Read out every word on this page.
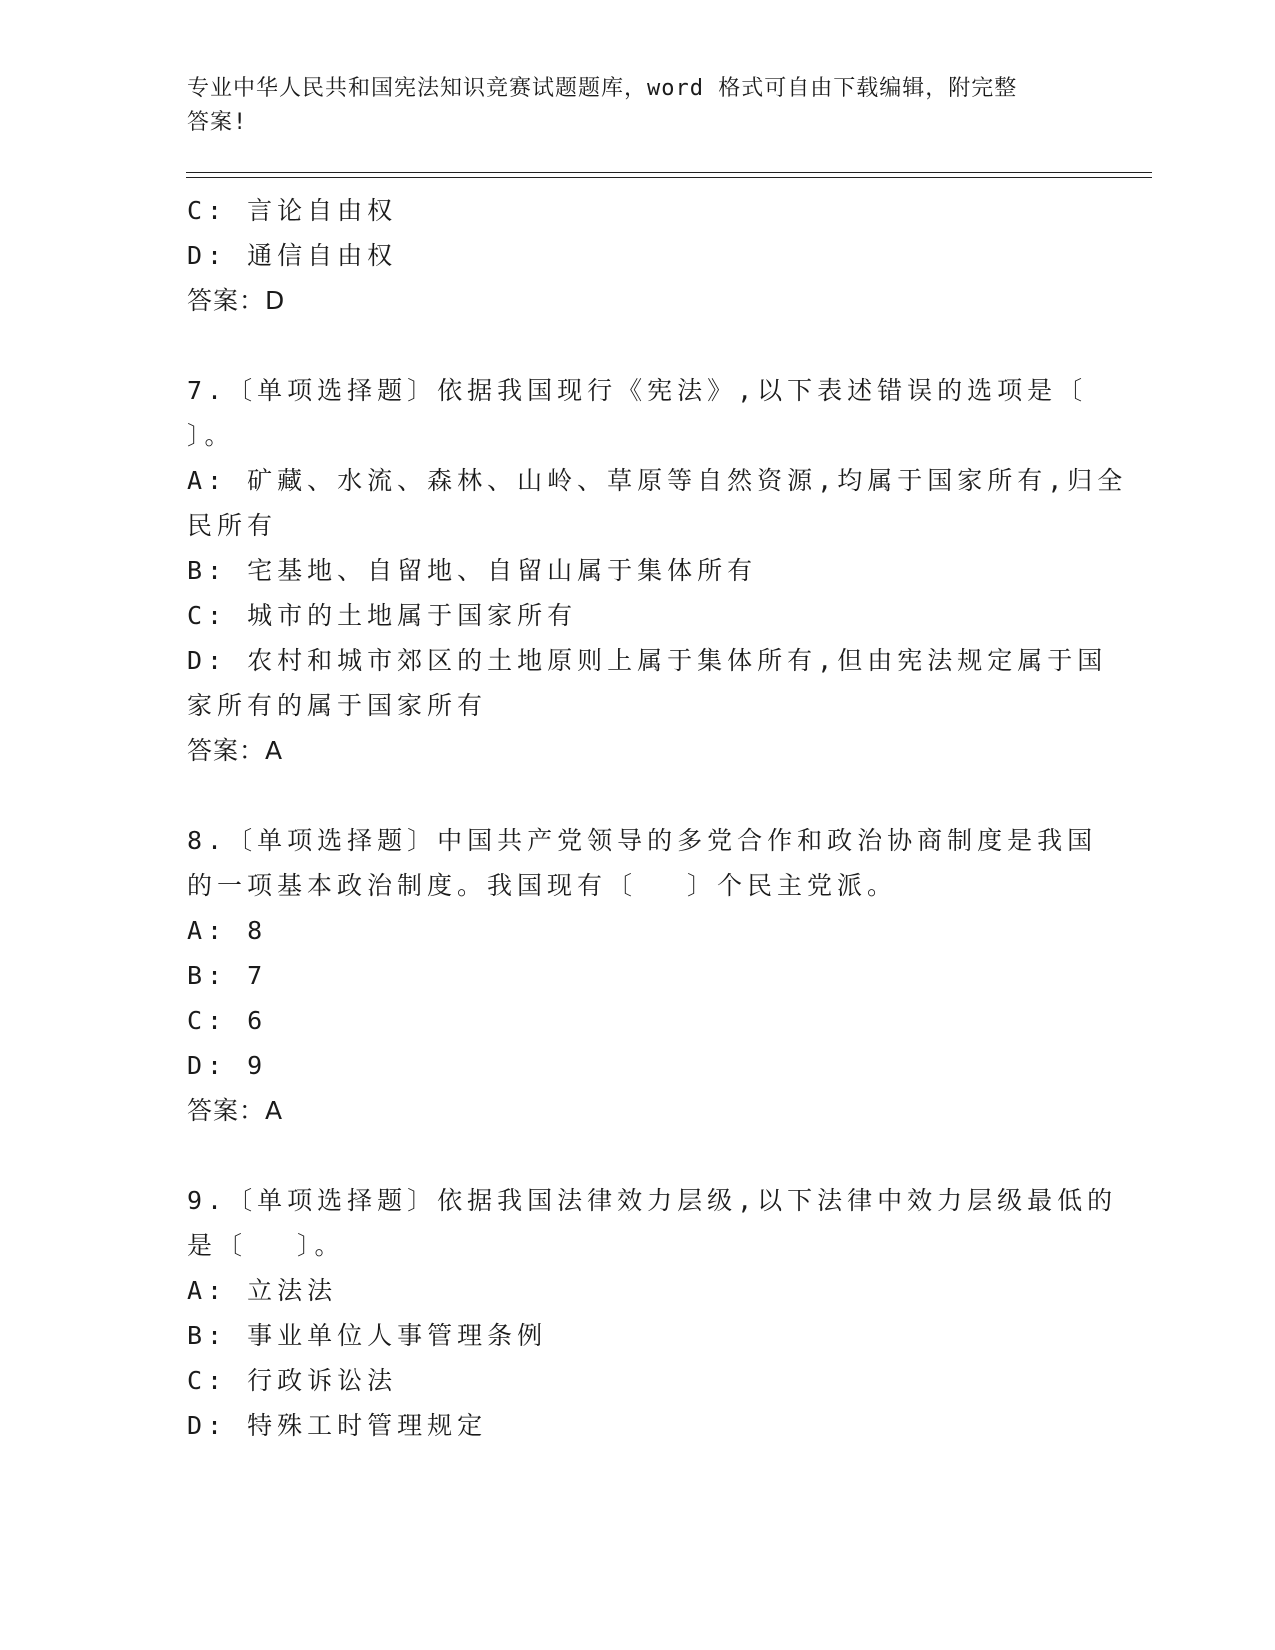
专业中华人民共和国宪法知识竞赛试题题库，word 格式可自由下载编辑，附完整
答案!
C: 言论自由权
D: 通信自由权
答案：D
7.〔单项选择题〕依据我国现行《宪法》,以下表述错误的选项是〔
〕。
A: 矿藏、水流、森林、山岭、草原等自然资源,均属于国家所有,归全
民所有
B: 宅基地、自留地、自留山属于集体所有
C: 城市的土地属于国家所有
D: 农村和城市郊区的土地原则上属于集体所有,但由宪法规定属于国
家所有的属于国家所有
答案：A
8.〔单项选择题〕中国共产党领导的多党合作和政治协商制度是我国
的一项基本政治制度。我国现有〔　 〕个民主党派。
A: 8
B: 7
C: 6
D: 9
答案：A
9.〔单项选择题〕依据我国法律效力层级,以下法律中效力层级最低的
是〔　 〕。
A: 立法法
B: 事业单位人事管理条例
C: 行政诉讼法
D: 特殊工时管理规定
